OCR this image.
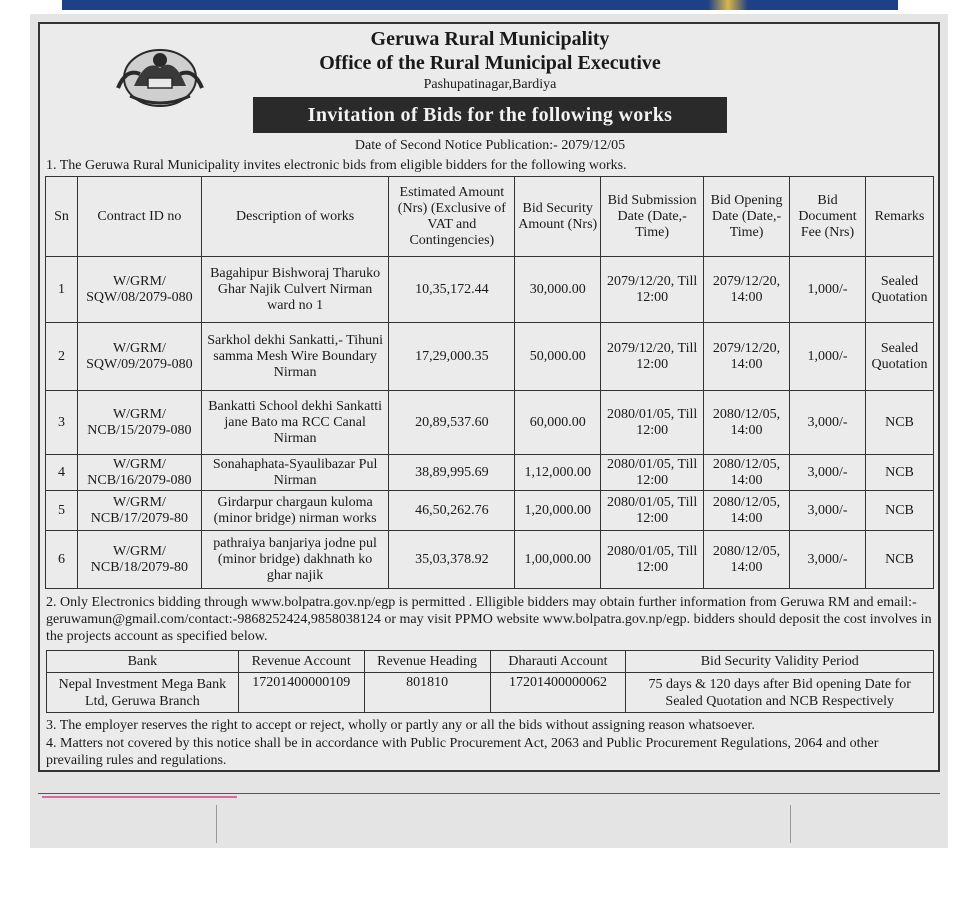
Geruwa Rural Municipality
Office of the Rural Municipal Executive
Pashupatinagar,Bardiya
Invitation of Bids for the following works
Date of Second Notice Publication:- 2079/12/05
1. The Geruwa Rural Municipality invites electronic bids from eligible bidders for the following works.
Sn	Contract ID no	Description of works	Estimated Amount (Nrs) (Exclusive of VAT and Contingencies)	Bid Security Amount (Nrs)	Bid Submission Date (Date,- Time)	Bid Opening Date (Date,- Time)	Bid Document Fee (Nrs)	Remarks
1	W/GRM/ SQW/08/2079-080	Bagahipur Bishworaj Tharuko Ghar Najik Culvert Nirman ward no 1	10,35,172.44	30,000.00	2079/12/20, Till 12:00	2079/12/20, 14:00	1,000/-	Sealed Quotation
2	W/GRM/ SQW/09/2079-080	Sarkhol dekhi Sankatti,- Tihuni samma Mesh Wire Boundary Nirman	17,29,000.35	50,000.00	2079/12/20, Till 12:00	2079/12/20, 14:00	1,000/-	Sealed Quotation
3	W/GRM/ NCB/15/2079-080	Bankatti School dekhi Sankatti jane Bato ma RCC Canal Nirman	20,89,537.60	60,000.00	2080/01/05, Till 12:00	2080/12/05, 14:00	3,000/-	NCB
4	W/GRM/ NCB/16/2079-080	Sonahaphata-Syaulibazar Pul Nirman	38,89,995.69	1,12,000.00	2080/01/05, Till 12:00	2080/12/05, 14:00	3,000/-	NCB
5	W/GRM/ NCB/17/2079-80	Girdarpur chargaun kuloma (minor bridge) nirman works	46,50,262.76	1,20,000.00	2080/01/05, Till 12:00	2080/12/05, 14:00	3,000/-	NCB
6	W/GRM/ NCB/18/2079-80	pathraiya banjariya jodne pul (minor bridge) dakhnath ko ghar najik	35,03,378.92	1,00,000.00	2080/01/05, Till 12:00	2080/12/05, 14:00	3,000/-	NCB
2. Only Electronics bidding through www.bolpatra.gov.np/egp is permitted . Elligible bidders may obtain further information from Geruwa RM and email:- geruwamun@gmail.com/contact:-9868252424,9858038124 or may visit PPMO website www.bolpatra.gov.np/egp. bidders should deposit the cost involves in the projects account as specified below.
Bank	Revenue Account	Revenue Heading	Dharauti Account	Bid Security Validity Period
Nepal Investment Mega Bank Ltd, Geruwa Branch	17201400000109	801810	17201400000062	75 days & 120 days after Bid opening Date for Sealed Quotation and NCB Respectively
3. The employer reserves the right to accept or reject, wholly or partly any or all the bids without assigning reason whatsoever.
4. Matters not covered by this notice shall be in accordance with Public Procurement Act, 2063 and Public Procurement Regulations, 2064 and other prevailing rules and regulations.
